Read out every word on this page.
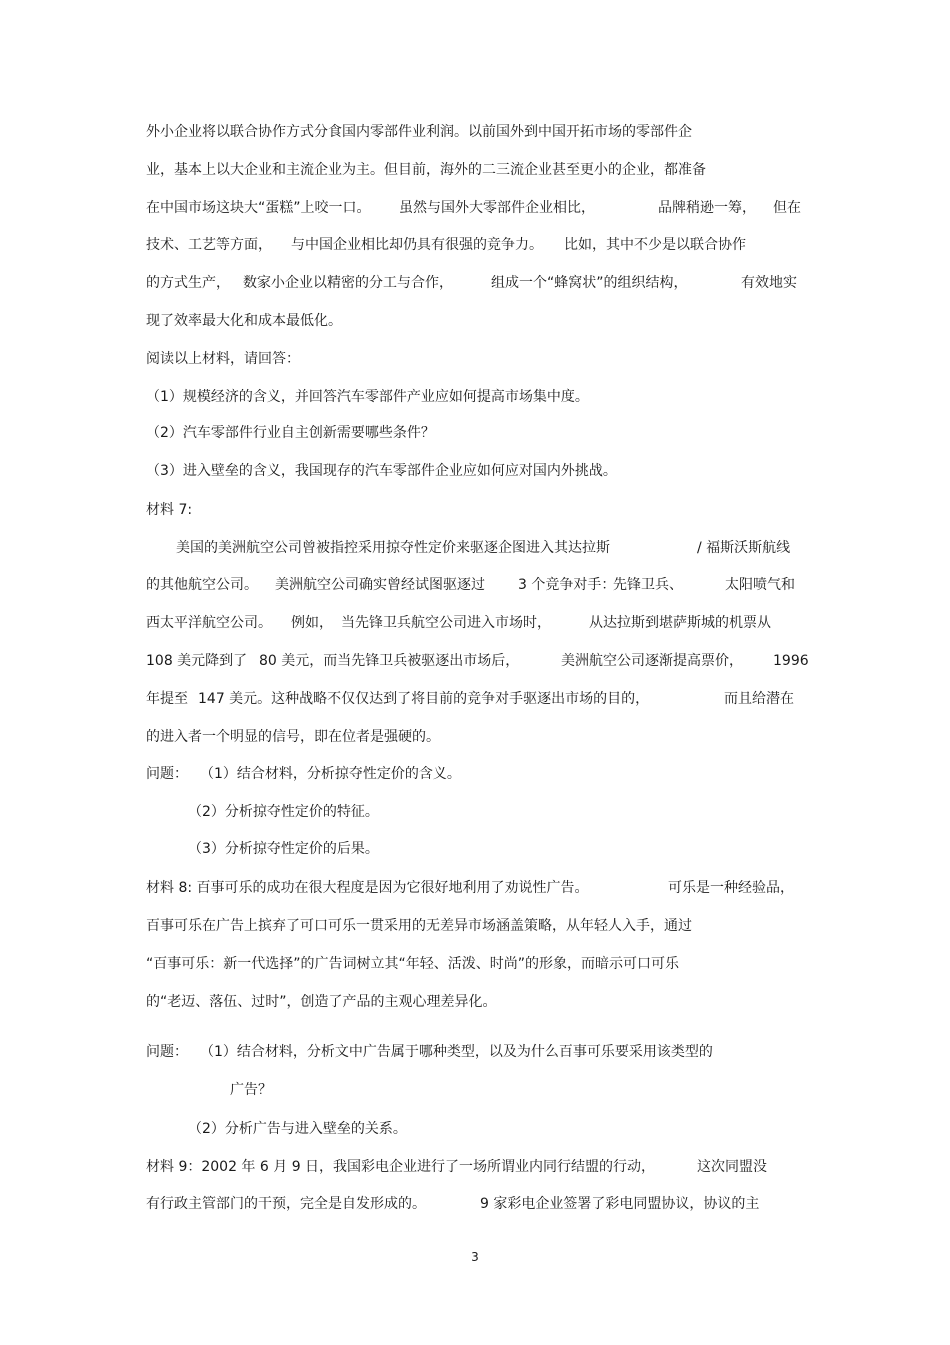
外小企业将以联合协作方式分食国内零部件业利润。以前国外到中国开拓市场的零部件企
业，基本上以大企业和主流企业为主。但目前，海外的二三流企业甚至更小的企业，都准备
在中国市场这块大“蛋糕”上咬一口。 虽然与国外大零部件企业相比，	品牌稍逊一筹， 但在
技术、工艺等方面， 与中国企业相比却仍具有很强的竞争力。 比如，其中不少是以联合协作
的方式生产， 数家小企业以精密的分工与合作，	组成一个“蜂窝状”的组织结构，	有效地实
现了效率最大化和成本最低化。
阅读以上材料，请回答：
（1）规模经济的含义，并回答汽车零部件产业应如何提高市场集中度。
（2）汽车零部件行业自主创新需要哪些条件？
（3）进入壁垒的含义，我国现存的汽车零部件企业应如何应对国内外挑战。
材料 7:
美国的美洲航空公司曾被指控采用掠夺性定价来驱逐企图进入其达拉斯	/ 福斯沃斯航线
的其他航空公司。 美洲航空公司确实曾经试图驱逐过 3 个竞争对手：
先锋卫兵、	太阳喷气和
西太平洋航空公司。 例如， 当先锋卫兵航空公司进入市场时，	从达拉斯到堪萨斯城的机票从
108 美元降到了 80 美元，而当先锋卫兵被驱逐出市场后，	美洲航空公司逐渐提高票价， 1996
年提至 147 美元。这种战略不仅仅达到了将目前的竞争对手驱逐出市场的目的，	而且给潜在
的进入者一个明显的信号，即在位者是强硬的。
问题： （1）结合材料，分析掠夺性定价的含义。
（2）分析掠夺性定价的特征。
（3）分析掠夺性定价的后果。
材料 8: 百事可乐的成功在很大程度是因为它很好地利用了劝说性广告。	可乐是一种经验品，
百事可乐在广告上摈弃了可口可乐一贯采用的无差异市场涵盖策略，从年轻人入手，通过
“百事可乐：新一代选择”的广告词树立其“年轻、活泼、时尚”的形象，而暗示可口可乐
的“老迈、落伍、过时”，创造了产品的主观心理差异化。
问题： （1）结合材料，分析文中广告属于哪种类型，以及为什么百事可乐要采用该类型的
广告？
（2）分析广告与进入壁垒的关系。
材料 9：2002 年 6 月 9 日，我国彩电企业进行了一场所谓业内同行结盟的行动，	这次同盟没
有行政主管部门的干预，完全是自发形成的。	9 家彩电企业签署了彩电同盟协议，协议的主
3
